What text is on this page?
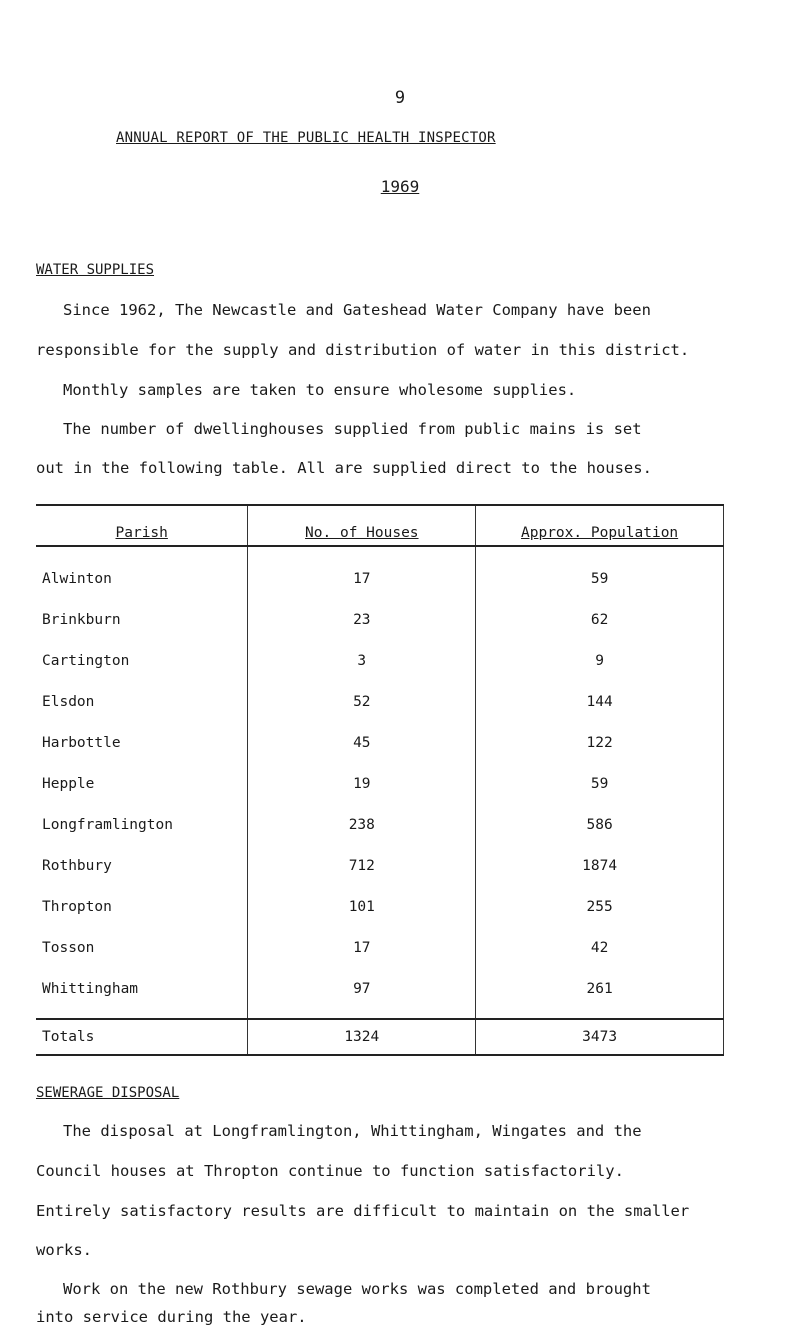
9
ANNUAL REPORT OF THE PUBLIC HEALTH INSPECTOR
1969
WATER SUPPLIES
Since 1962, The Newcastle and Gateshead Water Company have been
responsible for the supply and distribution of water in this district.
Monthly samples are taken to ensure wholesome supplies.
The number of dwellinghouses supplied from public mains is set
out in the following table. All are supplied direct to the houses.
Parish	No. of Houses	Approx. Population
Alwinton	17	59
Brinkburn	23	62
Cartington	3	9
Elsdon	52	144
Harbottle	45	122
Hepple	19	59
Longframlington	238	586
Rothbury	712	1874
Thropton	101	255
Tosson	17	42
Whittingham	97	261
Totals	1324	3473
SEWERAGE DISPOSAL
The disposal at Longframlington, Whittingham, Wingates and the
Council houses at Thropton continue to function satisfactorily.
Entirely satisfactory results are difficult to maintain on the smaller
works.
Work on the new Rothbury sewage works was completed and brought
into service during the year.
